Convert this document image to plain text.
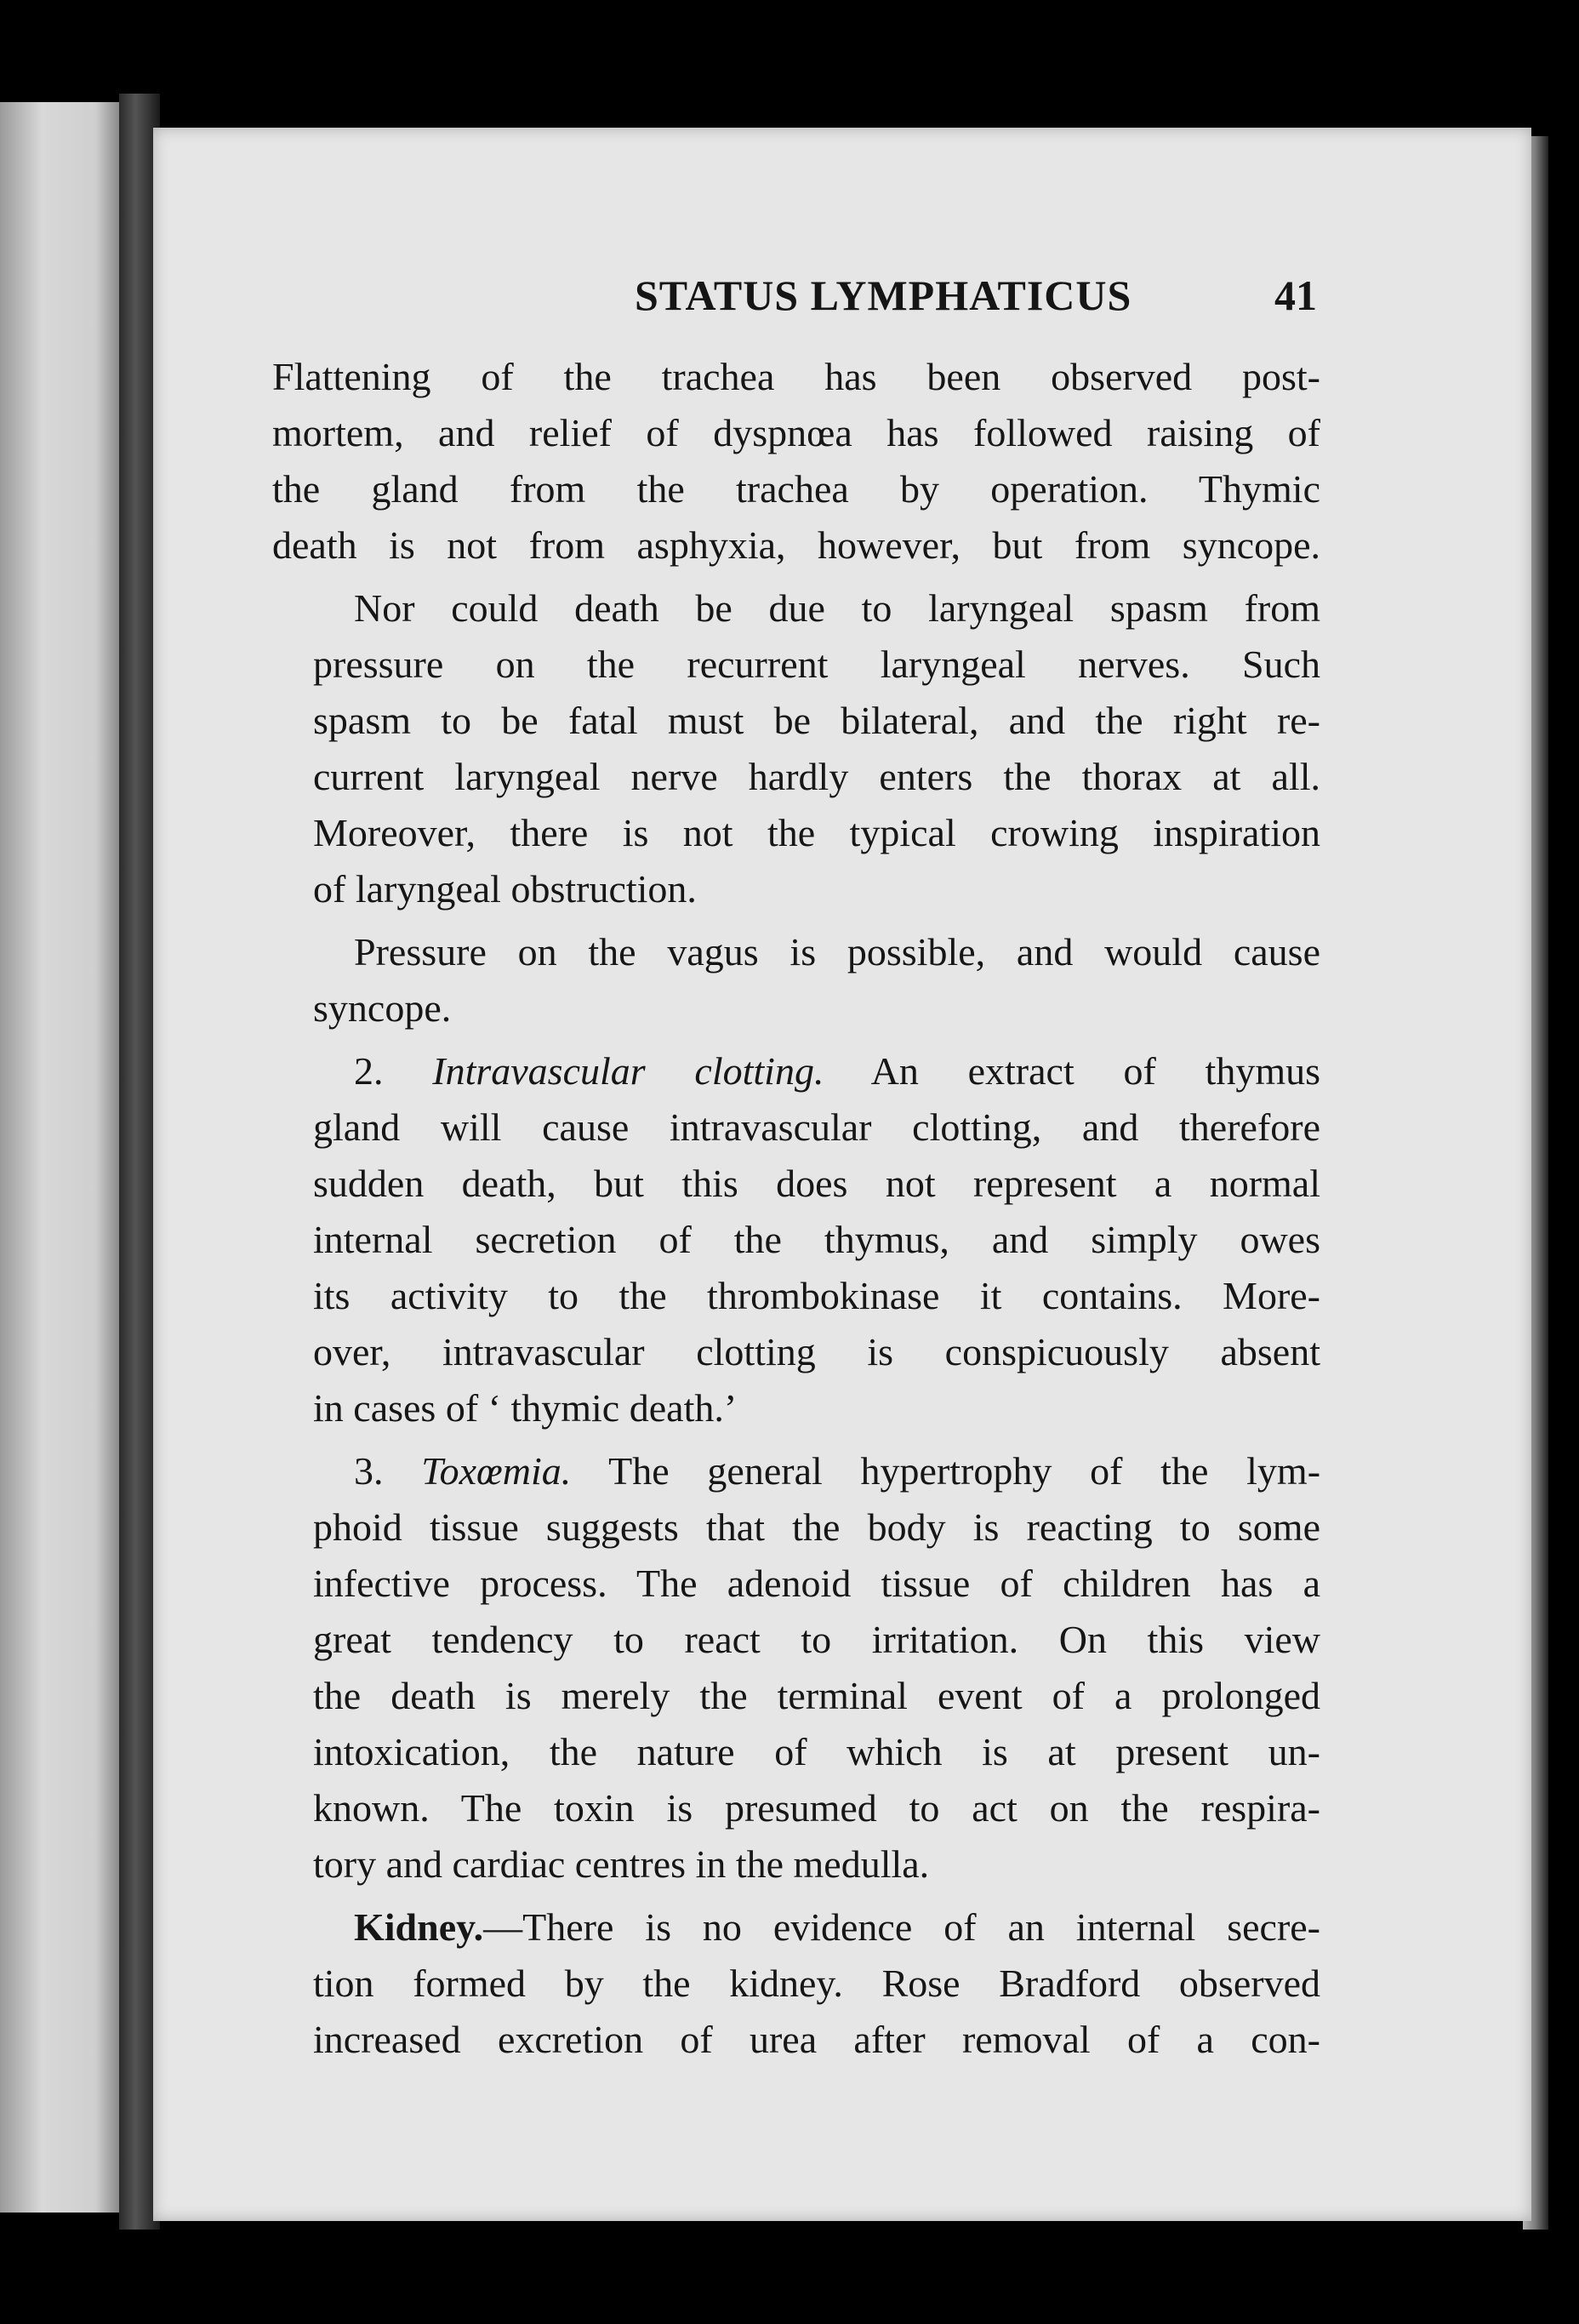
STATUS LYMPHATICUS	41
Flattening of the trachea has been observed post-
mortem, and relief of dyspnœa has followed raising of
the gland from the trachea by operation. Thymic
death is not from asphyxia, however, but from syncope.
Nor could death be due to laryngeal spasm from
pressure on the recurrent laryngeal nerves. Such
spasm to be fatal must be bilateral, and the right re-
current laryngeal nerve hardly enters the thorax at all.
Moreover, there is not the typical crowing inspiration
of laryngeal obstruction.
Pressure on the vagus is possible, and would cause
syncope.
2. Intravascular clotting. An extract of thymus
gland will cause intravascular clotting, and therefore
sudden death, but this does not represent a normal
internal secretion of the thymus, and simply owes
its activity to the thrombokinase it contains. More-
over, intravascular clotting is conspicuously absent
in cases of ‘ thymic death.’
3. Toxœmia. The general hypertrophy of the lym-
phoid tissue suggests that the body is reacting to some
infective process. The adenoid tissue of children has a
great tendency to react to irritation. On this view
the death is merely the terminal event of a prolonged
intoxication, the nature of which is at present un-
known. The toxin is presumed to act on the respira-
tory and cardiac centres in the medulla.
Kidney.—There is no evidence of an internal secre-
tion formed by the kidney. Rose Bradford observed
increased excretion of urea after removal of a con-
